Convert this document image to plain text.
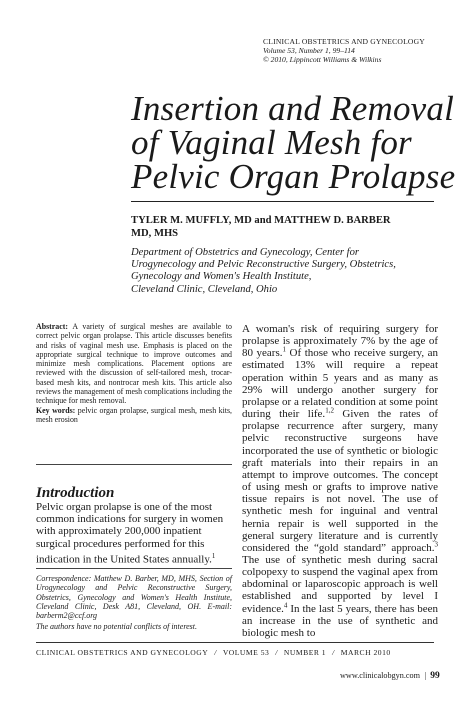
CLINICAL OBSTETRICS AND GYNECOLOGY
Volume 53, Number 1, 99–114
© 2010, Lippincott Williams & Wilkins
Insertion and Removal
of Vaginal Mesh for
Pelvic Organ Prolapse
TYLER M. MUFFLY, MD and MATTHEW D. BARBER
MD, MHS
Department of Obstetrics and Gynecology, Center for
Urogynecology and Pelvic Reconstructive Surgery, Obstetrics,
Gynecology and Women's Health Institute,
Cleveland Clinic, Cleveland, Ohio
Abstract: A variety of surgical meshes are available to correct pelvic organ prolapse. This article discusses benefits and risks of vaginal mesh use. Emphasis is placed on the appropriate surgical technique to improve outcomes and minimize mesh complications. Placement options are reviewed with the discussion of self-tailored mesh, trocar-based mesh kits, and nontrocar mesh kits. This article also reviews the management of mesh complications including the technique for mesh removal.
Key words: pelvic organ prolapse, surgical mesh, mesh kits, mesh erosion
Introduction
Pelvic organ prolapse is one of the most common indications for surgery in women with approximately 200,000 inpatient surgical procedures performed for this indication in the United States annually.$^1$
Correspondence: Matthew D. Barber, MD, MHS, Section of Urogynecology and Pelvic Reconstructive Surgery, Obstetrics, Gynecology and Women's Health Institute, Cleveland Clinic, Desk A81, Cleveland, OH. E-mail: barberm2@ccf.org
The authors have no potential conflicts of interest.
A woman's risk of requiring surgery for prolapse is approximately 7% by the age of 80 years.$^1$ Of those who receive surgery, an estimated 13% will require a repeat operation within 5 years and as many as 29% will undergo another surgery for prolapse or a related condition at some point during their life.$^{1,2}$ Given the rates of prolapse recurrence after surgery, many pelvic reconstructive surgeons have incorporated the use of synthetic or biologic graft materials into their repairs in an attempt to improve outcomes. The concept of using mesh or grafts to improve native tissue repairs is not novel. The use of synthetic mesh for inguinal and ventral hernia repair is well supported in the general surgery literature and is currently considered the “gold standard” approach.$^3$ The use of synthetic mesh during sacral colpopexy to suspend the vaginal apex from abdominal or laparoscopic approach is well established and supported by level I evidence.$^4$ In the last 5 years, there has been an increase in the use of synthetic and biologic mesh to
CLINICAL OBSTETRICS AND GYNECOLOGY / VOLUME 53 / NUMBER 1 / MARCH 2010
www.clinicalobgyn.com | 99
